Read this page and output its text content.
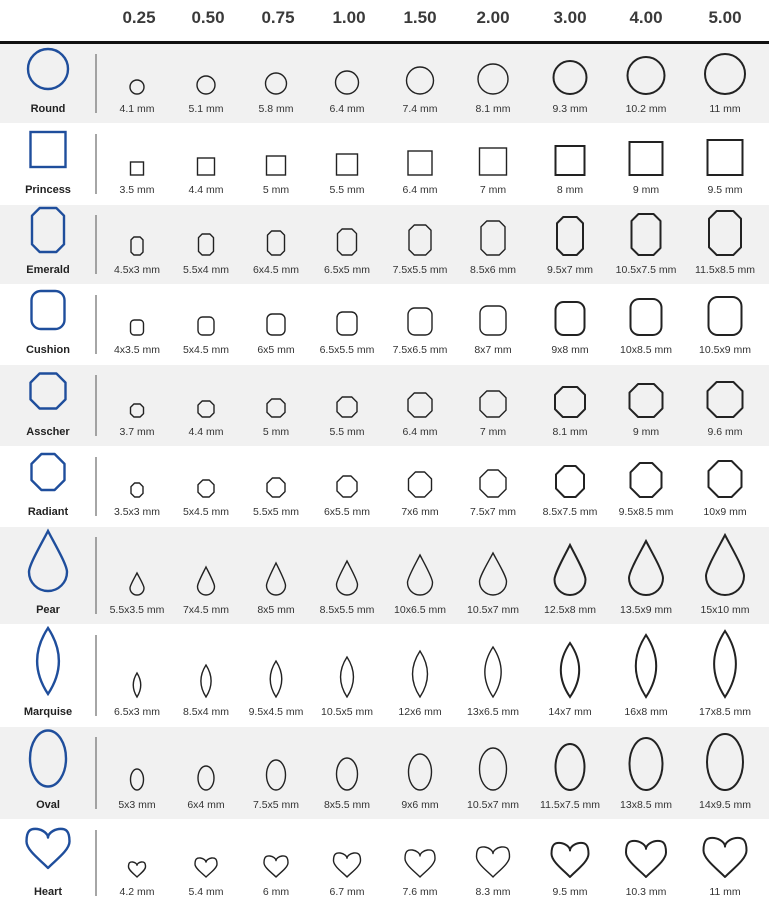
0.25 0.50 0.75 1.00 1.50 2.00	3.00	4.00	5.00
Round	4.1 mm	5.1 mm	5.8 mm	6.4 mm	7.4 mm	8.1 mm	9.3 mm	10.2 mm	11 mm
Princess	3.5 mm	4.4 mm	5 mm	5.5 mm	6.4 mm	7 mm	8 mm	9 mm	9.5 mm
Emerald	4.5x3 mm 5.5x4 mm 6x4.5 mm 6.5x5 mm 7.5x5.5 mm 8.5x6 mm	9.5x7 mm 10.5x7.5 mm 11.5x8.5 mm
Cushion	4x3.5 mm 5x4.5 mm	6x5 mm 6.5x5.5 mm 7.5x6.5 mm	8x7 mm	9x8 mm	10x8.5 mm	10.5x9 mm
Asscher	3.7 mm	4.4 mm	5 mm	5.5 mm	6.4 mm	7 mm	8.1 mm	9 mm	9.6 mm
Radiant	3.5x3 mm 5x4.5 mm 5.5x5 mm 6x5.5 mm	7x6 mm	7.5x7 mm	8.5x7.5 mm 9.5x8.5 mm	10x9 mm
Pear	5.5x3.5 mm 7x4.5 mm	8x5 mm 8.5x5.5 mm 10x6.5 mm 10.5x7 mm 12.5x8 mm 13.5x9 mm	15x10 mm
Marquise	6.5x3 mm 8.5x4 mm 9.5x4.5 mm 10.5x5 mm 12x6 mm 13x6.5 mm	14x7 mm	16x8 mm	17x8.5 mm
Oval	5x3 mm	6x4 mm	7.5x5 mm 8x5.5 mm	9x6 mm	10.5x7 mm 11.5x7.5 mm 13x8.5 mm	14x9.5 mm
Heart	4.2 mm	5.4 mm	6 mm	6.7 mm	7.6 mm	8.3 mm	9.5 mm	10.3 mm	11 mm
